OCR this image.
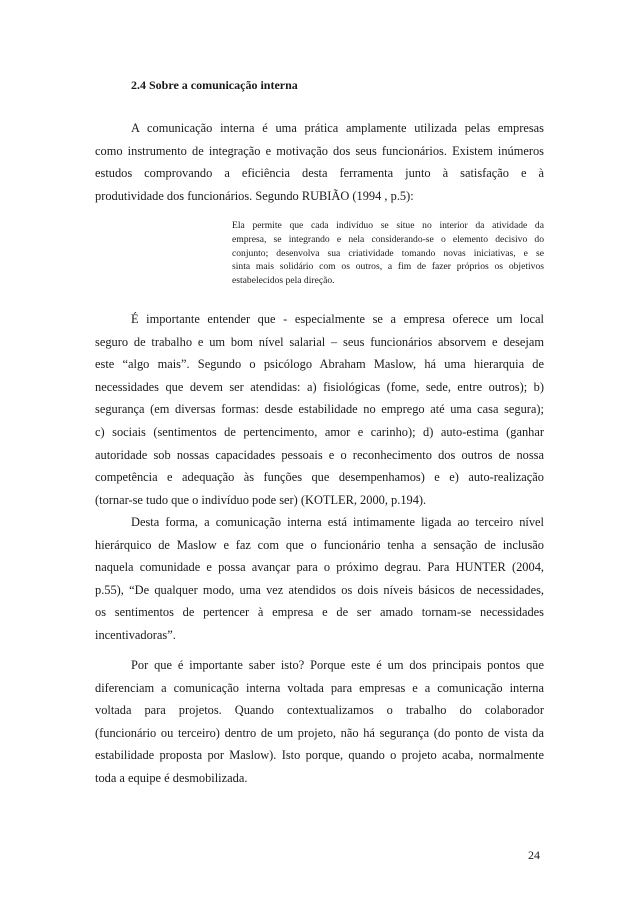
2.4 Sobre a comunicação interna
A comunicação interna é uma prática amplamente utilizada pelas empresas
como instrumento de integração e motivação dos seus funcionários. Existem inúmeros
estudos comprovando a eficiência desta ferramenta junto à satisfação e à
produtividade dos funcionários. Segundo RUBIÃO (1994 , p.5):
Ela permite que cada indivíduo se situe no interior da atividade da
empresa, se integrando e nela considerando-se o elemento decisivo do
conjunto; desenvolva sua criatividade tomando novas iniciativas, e se
sinta mais solidário com os outros, a fim de fazer próprios os objetivos
estabelecidos pela direção.
É importante entender que - especialmente se a empresa oferece um local
seguro de trabalho e um bom nível salarial – seus funcionários absorvem e desejam
este “algo mais”. Segundo o psicólogo Abraham Maslow, há uma hierarquia de
necessidades que devem ser atendidas: a) fisiológicas (fome, sede, entre outros); b)
segurança (em diversas formas: desde estabilidade no emprego até uma casa segura);
c) sociais (sentimentos de pertencimento, amor e carinho); d) auto-estima (ganhar
autoridade sob nossas capacidades pessoais e o reconhecimento dos outros de nossa
competência e adequação às funções que desempenhamos) e e) auto-realização
(tornar-se tudo que o indivíduo pode ser) (KOTLER, 2000, p.194).
Desta forma, a comunicação interna está intimamente ligada ao terceiro nível
hierárquico de Maslow e faz com que o funcionário tenha a sensação de inclusão
naquela comunidade e possa avançar para o próximo degrau. Para HUNTER (2004,
p.55), “De qualquer modo, uma vez atendidos os dois níveis básicos de necessidades,
os sentimentos de pertencer à empresa e de ser amado tornam-se necessidades
incentivadoras”.
Por que é importante saber isto? Porque este é um dos principais pontos que
diferenciam a comunicação interna voltada para empresas e a comunicação interna
voltada para projetos. Quando contextualizamos o trabalho do colaborador
(funcionário ou terceiro) dentro de um projeto, não há segurança (do ponto de vista da
estabilidade proposta por Maslow). Isto porque, quando o projeto acaba, normalmente
toda a equipe é desmobilizada.
24
